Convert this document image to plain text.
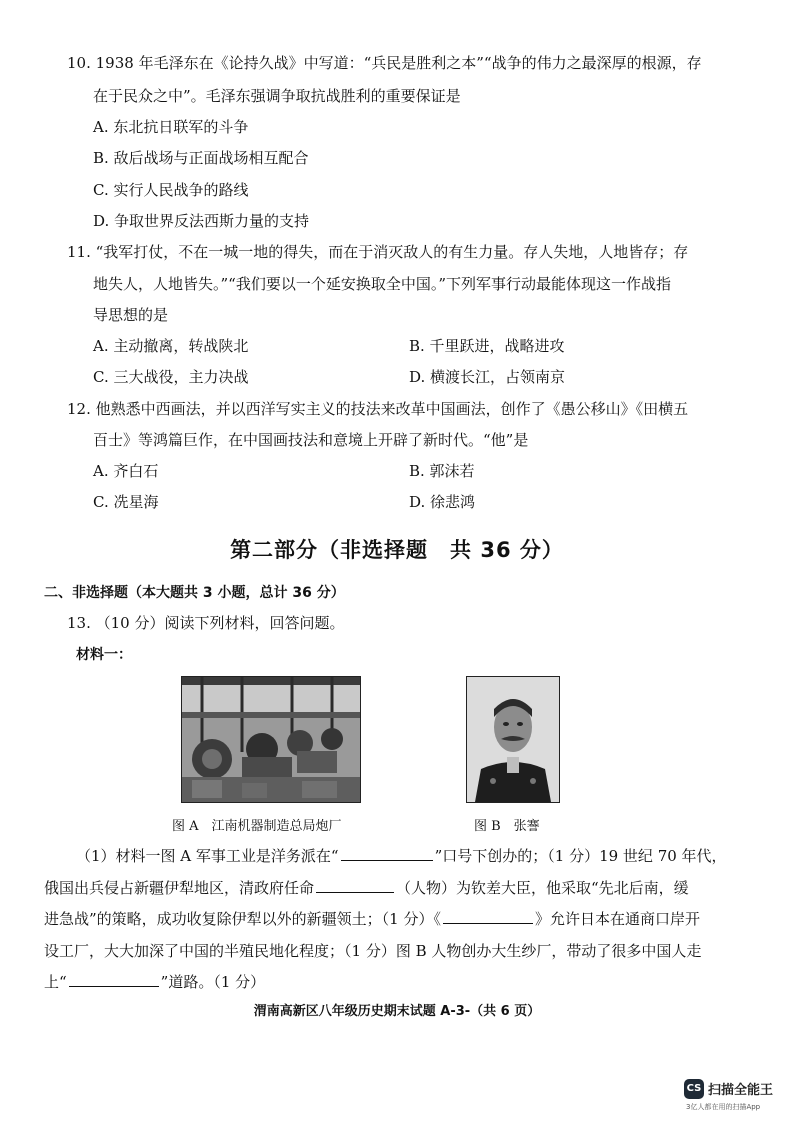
10. 1938 年毛泽东在《论持久战》中写道：“兵民是胜利之本”“战争的伟力之最深厚的根源，存
在于民众之中”。毛泽东强调争取抗战胜利的重要保证是
A. 东北抗日联军的斗争
B. 敌后战场与正面战场相互配合
C. 实行人民战争的路线
D. 争取世界反法西斯力量的支持
11. “我军打仗，不在一城一地的得失，而在于消灭敌人的有生力量。存人失地，人地皆存；存
地失人，人地皆失。”“我们要以一个延安换取全中国。”下列军事行动最能体现这一作战指
导思想的是
A. 主动撤离，转战陕北	B. 千里跃进，战略进攻
C. 三大战役，主力决战	D. 横渡长江，占领南京
12. 他熟悉中西画法，并以西洋写实主义的技法来改革中国画法，创作了《愚公移山》《田横五
百士》等鸿篇巨作，在中国画技法和意境上开辟了新时代。“他”是
A. 齐白石	B. 郭沫若
C. 冼星海	D. 徐悲鸿
第二部分（非选择题　共 36 分）
二、非选择题（本大题共 3 小题，总计 36 分）
13. （10 分）阅读下列材料，回答问题。
材料一：
图 A　江南机器制造总局炮厂	图 B　张謇
（1）材料一图 A 军事工业是洋务派在“	”口号下创办的；（1 分）19 世纪 70 年代，
俄国出兵侵占新疆伊犁地区，清政府任命	（人物）为钦差大臣，他采取“先北后南，缓
进急战”的策略，成功收复除伊犁以外的新疆领土；（1 分）《	》允许日本在通商口岸开
设工厂，大大加深了中国的半殖民地化程度；（1 分）图 B 人物创办大生纱厂，带动了很多中国人走
上“	”道路。（1 分）
渭南高新区八年级历史期末试题 A-3-（共 6 页）
CS 扫描全能王
3亿人都在用的扫描App
